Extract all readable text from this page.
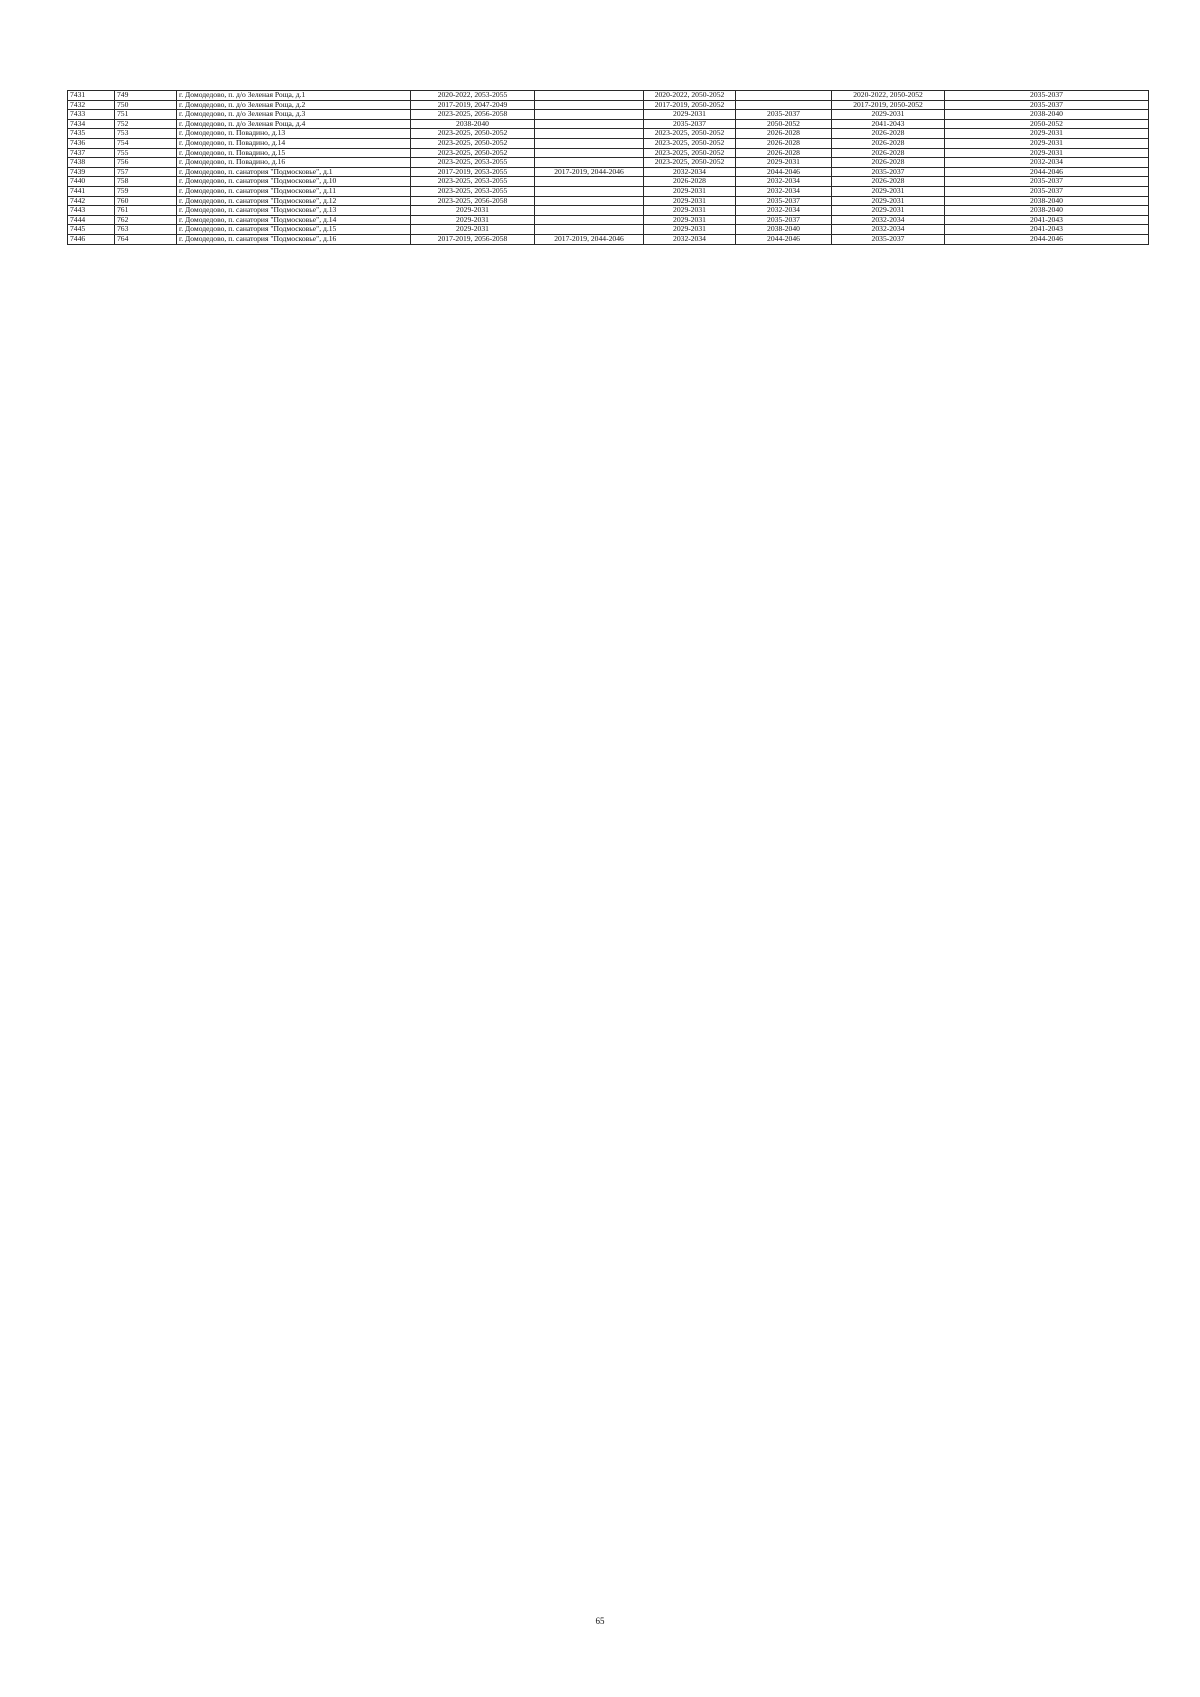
7431	749	г. Домодедово, п. д/о Зеленая Роща, д.1	2020-2022, 2053-2055		2020-2022, 2050-2052		2020-2022, 2050-2052	2035-2037
7432	750	г. Домодедово, п. д/о Зеленая Роща, д.2	2017-2019, 2047-2049		2017-2019, 2050-2052		2017-2019, 2050-2052	2035-2037
7433	751	г. Домодедово, п. д/о Зеленая Роща, д.3	2023-2025, 2056-2058		2029-2031	2035-2037	2029-2031	2038-2040
7434	752	г. Домодедово, п. д/о Зеленая Роща, д.4	2038-2040		2035-2037	2050-2052	2041-2043	2050-2052
7435	753	г. Домодедово, п. Повадино, д.13	2023-2025, 2050-2052		2023-2025, 2050-2052	2026-2028	2026-2028	2029-2031
7436	754	г. Домодедово, п. Повадино, д.14	2023-2025, 2050-2052		2023-2025, 2050-2052	2026-2028	2026-2028	2029-2031
7437	755	г. Домодедово, п. Повадино, д.15	2023-2025, 2050-2052		2023-2025, 2050-2052	2026-2028	2026-2028	2029-2031
7438	756	г. Домодедово, п. Повадино, д.16	2023-2025, 2053-2055		2023-2025, 2050-2052	2029-2031	2026-2028	2032-2034
7439	757	г. Домодедово, п. санатория "Подмосковье", д.1	2017-2019, 2053-2055	2017-2019, 2044-2046	2032-2034	2044-2046	2035-2037	2044-2046
7440	758	г. Домодедово, п. санатория "Подмосковье", д.10	2023-2025, 2053-2055		2026-2028	2032-2034	2026-2028	2035-2037
7441	759	г. Домодедово, п. санатория "Подмосковье", д.11	2023-2025, 2053-2055		2029-2031	2032-2034	2029-2031	2035-2037
7442	760	г. Домодедово, п. санатория "Подмосковье", д.12	2023-2025, 2056-2058		2029-2031	2035-2037	2029-2031	2038-2040
7443	761	г. Домодедово, п. санатория "Подмосковье", д.13	2029-2031		2029-2031	2032-2034	2029-2031	2038-2040
7444	762	г. Домодедово, п. санатория "Подмосковье", д.14	2029-2031		2029-2031	2035-2037	2032-2034	2041-2043
7445	763	г. Домодедово, п. санатория "Подмосковье", д.15	2029-2031		2029-2031	2038-2040	2032-2034	2041-2043
7446	764	г. Домодедово, п. санатория "Подмосковье", д.16	2017-2019, 2056-2058	2017-2019, 2044-2046	2032-2034	2044-2046	2035-2037	2044-2046
65
